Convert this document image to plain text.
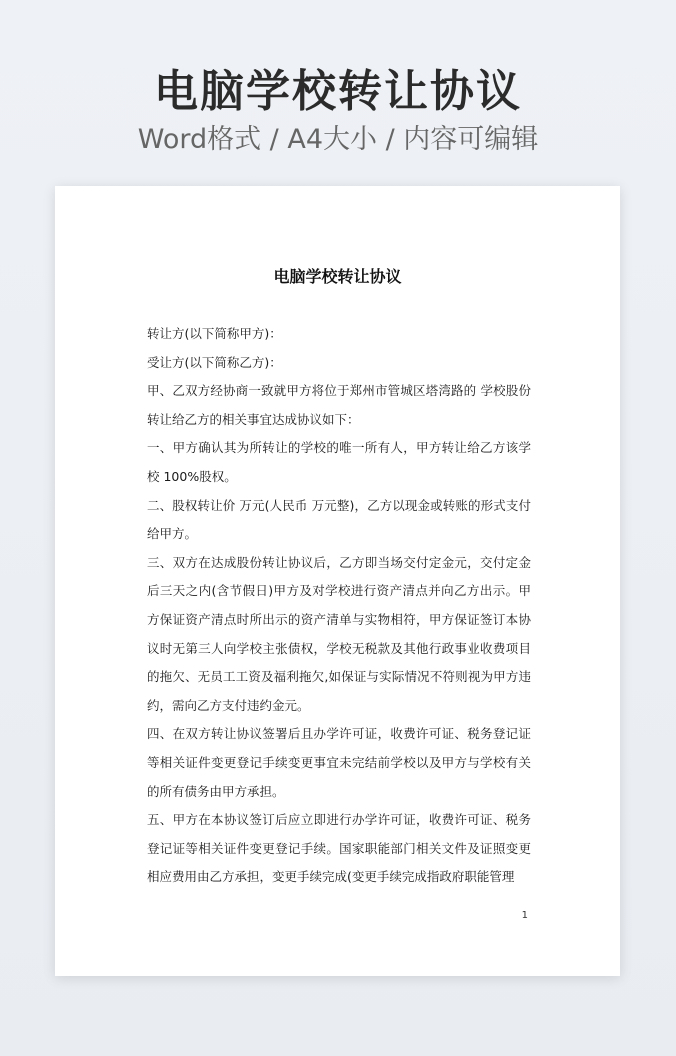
电脑学校转让协议
Word格式 / A4大小 / 内容可编辑
电脑学校转让协议

转让方(以下简称甲方)：

受让方(以下简称乙方)：

甲、乙双方经协商一致就甲方将位于郑州市管城区塔湾路的 学校股份转让给乙方的相关事宜达成协议如下：

一、甲方确认其为所转让的学校的唯一所有人，甲方转让给乙方该学校 100%股权。

二、股权转让价 万元(人民币 万元整)，乙方以现金或转账的形式支付给甲方。

三、双方在达成股份转让协议后，乙方即当场交付定金元，交付定金后三天之内(含节假日)甲方及对学校进行资产清点并向乙方出示。甲方保证资产清点时所出示的资产清单与实物相符，甲方保证签订本协议时无第三人向学校主张债权，学校无税款及其他行政事业收费项目的拖欠、无员工工资及福利拖欠,如保证与实际情况不符则视为甲方违约，需向乙方支付违约金元。

四、在双方转让协议签署后且办学许可证，收费许可证、税务登记证等相关证件变更登记手续变更事宜未完结前学校以及甲方与学校有关的所有债务由甲方承担。

五、甲方在本协议签订后应立即进行办学许可证，收费许可证、税务登记证等相关证件变更登记手续。国家职能部门相关文件及证照变更相应费用由乙方承担，变更手续完成(变更手续完成指政府职能管理

1
